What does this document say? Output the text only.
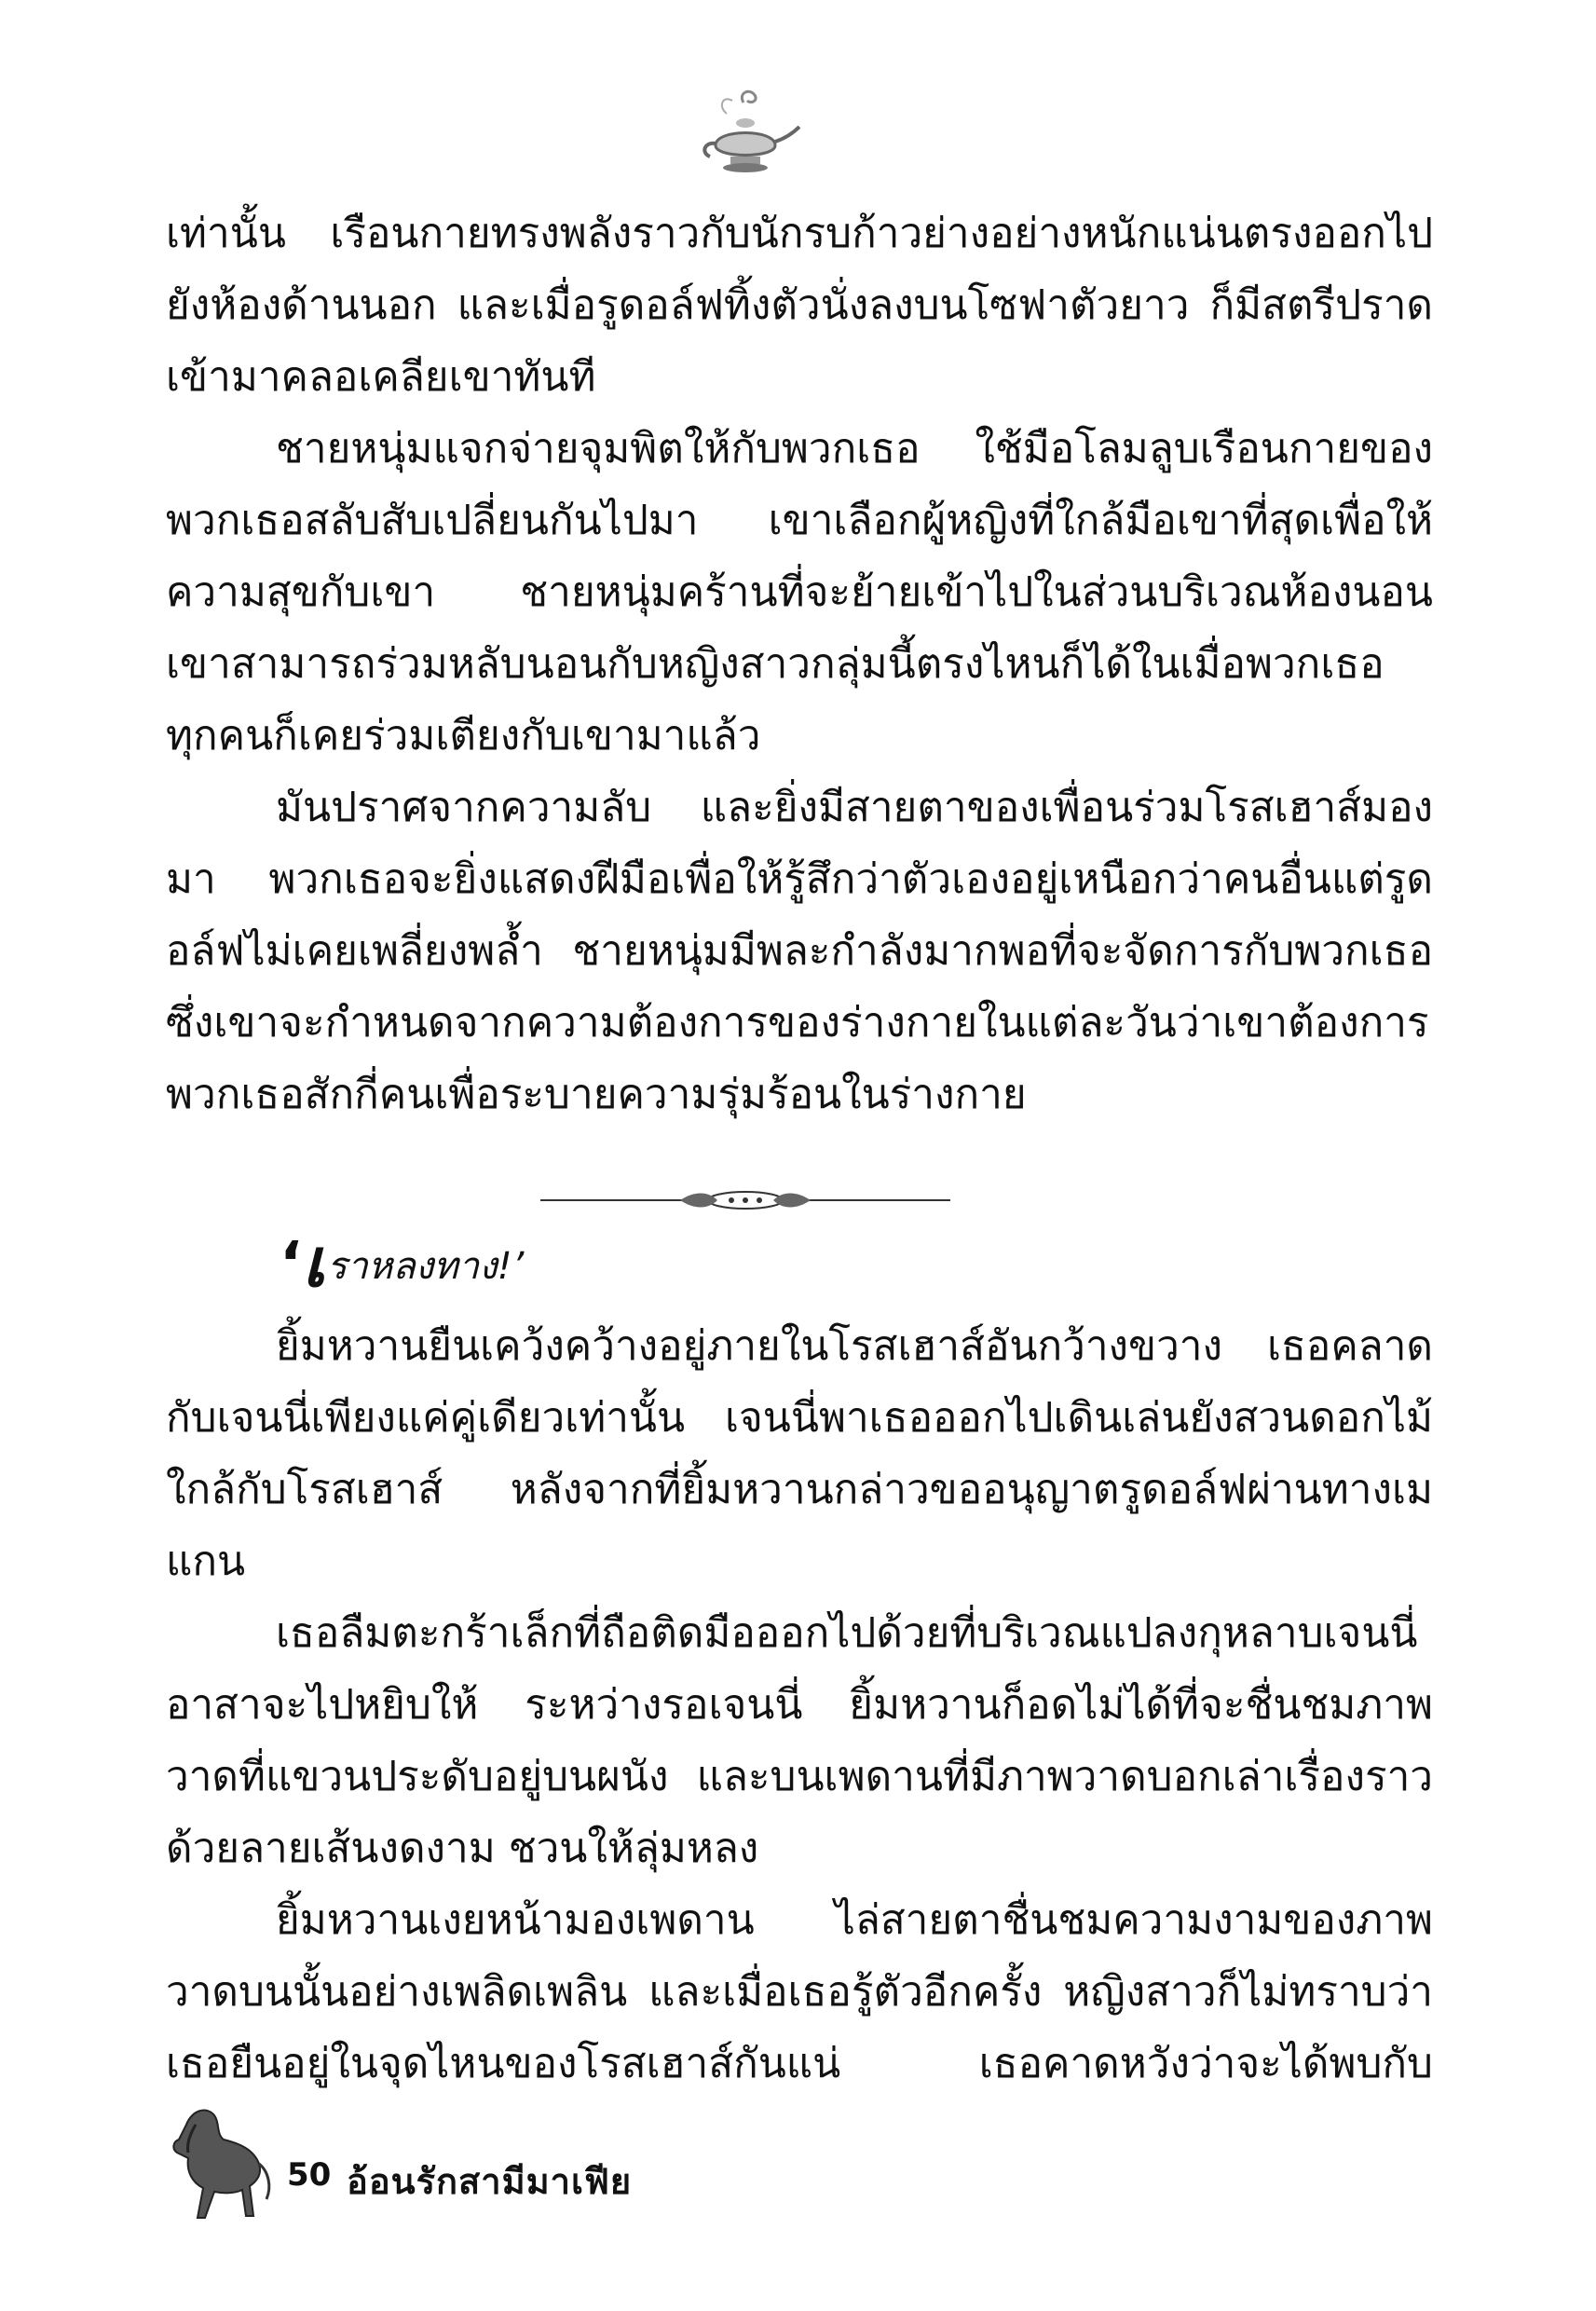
เท่านั้น เรือนกายทรงพลังราวกับนักรบก้าวย่างอย่างหนักแน่นตรงออกไปยังห้องด้านนอก และเมื่อรูดอล์ฟทิ้งตัวนั่งลงบนโซฟาตัวยาว ก็มีสตรีปราดเข้ามาคลอเคลียเขาทันที

ชายหนุ่มแจกจ่ายจุมพิตให้กับพวกเธอ ใช้มือโลมลูบเรือนกายของพวกเธอสลับสับเปลี่ยนกันไปมา เขาเลือกผู้หญิงที่ใกล้มือเขาที่สุดเพื่อให้ความสุขกับเขา ชายหนุ่มคร้านที่จะย้ายเข้าไปในส่วนบริเวณห้องนอน เขาสามารถร่วมหลับนอนกับหญิงสาวกลุ่มนี้ตรงไหนก็ได้ในเมื่อพวกเธอทุกคนก็เคยร่วมเตียงกับเขามาแล้ว

มันปราศจากความลับ และยิ่งมีสายตาของเพื่อนร่วมโรสเฮาส์มองมา พวกเธอจะยิ่งแสดงฝีมือเพื่อให้รู้สึกว่าตัวเองอยู่เหนือกว่าคนอื่นแต่รูดอล์ฟไม่เคยเพลี่ยงพล้ำ ชายหนุ่มมีพละกำลังมากพอที่จะจัดการกับพวกเธอ ซึ่งเขาจะกำหนดจากความต้องการของร่างกายในแต่ละวันว่าเขาต้องการพวกเธอสักกี่คนเพื่อระบายความรุ่มร้อนในร่างกาย

‘เราหลงทาง!’

ยิ้มหวานยืนเคว้งคว้างอยู่ภายในโรสเฮาส์อันกว้างขวาง เธอคลาดกับเจนนี่เพียงแค่คู่เดียวเท่านั้น เจนนี่พาเธอออกไปเดินเล่นยังสวนดอกไม้ใกล้กับโรสเฮาส์ หลังจากที่ยิ้มหวานกล่าวขออนุญาตรูดอล์ฟผ่านทางเมแกน

เธอลืมตะกร้าเล็กที่ถือติดมือออกไปด้วยที่บริเวณแปลงกุหลาบเจนนี่อาสาจะไปหยิบให้ ระหว่างรอเจนนี่ ยิ้มหวานก็อดไม่ได้ที่จะชื่นชมภาพวาดที่แขวนประดับอยู่บนผนัง และบนเพดานที่มีภาพวาดบอกเล่าเรื่องราวด้วยลายเส้นงดงาม ชวนให้ลุ่มหลง

ยิ้มหวานเงยหน้ามองเพดาน ไล่สายตาชื่นชมความงามของภาพวาดบนนั้นอย่างเพลิดเพลิน และเมื่อเธอรู้ตัวอีกครั้ง หญิงสาวก็ไม่ทราบว่าเธอยืนอยู่ในจุดไหนของโรสเฮาส์กันแน่ เธอคาดหวังว่าจะได้พบกับ

50 อ้อนรักสามีมาเฟีย
